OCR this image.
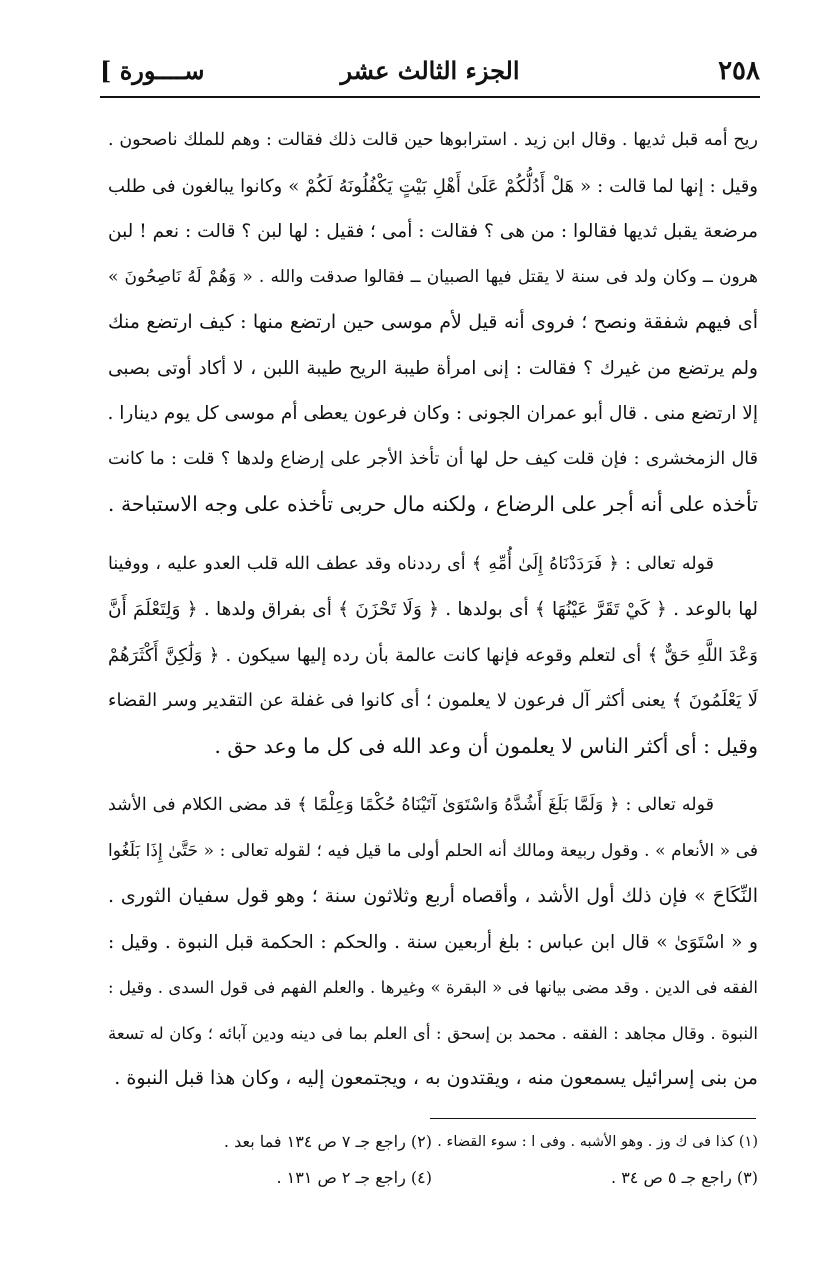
٢٥٨
الجزء الثالث عشر
[ ســــورة
ريح أمه قبل ثديها . وقال ابن زيد . استرابوها حين قالت ذلك فقالت : وهم للملك ناصحون .
وقيل : إنها لما قالت : « هَلْ أَدُلُّكُمْ عَلَىٰ أَهْلِ بَيْتٍ يَكْفُلُونَهُ لَكُمْ » وكانوا يبالغون فى طلب
مرضعة يقبل ثديها فقالوا : من هى ؟ فقالت : أمى ؛ فقيل : لها لبن ؟ قالت : نعم ! لبن
هرون ــ وكان ولد فى سنة لا يقتل فيها الصبيان ــ فقالوا صدقت والله . « وَهُمْ لَهُ نَاصِحُونَ »
أى فيهم شفقة ونصح ؛ فروى أنه قيل لأم موسى حين ارتضع منها : كيف ارتضع منك
ولم يرتضع من غيرك ؟ فقالت : إنى امرأة طيبة الريح طيبة اللبن ، لا أكاد أوتى بصبى
إلا ارتضع منى . قال أبو عمران الجونى : وكان فرعون يعطى أم موسى كل يوم دينارا .
قال الزمخشرى : فإن قلت كيف حل لها أن تأخذ الأجر على إرضاع ولدها ؟ قلت : ما كانت
تأخذه على أنه أجر على الرضاع ، ولكنه مال حربى تأخذه على وجه الاستباحة .
قوله تعالى : ﴿ فَرَدَدْنَاهُ إِلَىٰ أُمِّهِ ﴾ أى رددناه وقد عطف الله قلب العدو عليه ، ووفينا
لها بالوعد . ﴿ كَيْ تَقَرَّ عَيْنُهَا ﴾ أى بولدها . ﴿ وَلَا تَحْزَنَ ﴾ أى بفراق ولدها . ﴿ وَلِتَعْلَمَ أَنَّ
وَعْدَ اللَّهِ حَقٌّ ﴾ أى لتعلم وقوعه فإنها كانت عالمة بأن رده إليها سيكون . ﴿ وَلَٰكِنَّ أَكْثَرَهُمْ
لَا يَعْلَمُونَ ﴾ يعنى أكثر آل فرعون لا يعلمون ؛ أى كانوا فى غفلة عن التقدير وسر القضاء
وقيل : أى أكثر الناس لا يعلمون أن وعد الله فى كل ما وعد حق .
قوله تعالى : ﴿ وَلَمَّا بَلَغَ أَشُدَّهُ وَاسْتَوَىٰ آتَيْنَاهُ حُكْمًا وَعِلْمًا ﴾ قد مضى الكلام فى الأشد
فى « الأنعام » . وقول ربيعة ومالك أنه الحلم أولى ما قيل فيه ؛ لقوله تعالى : « حَتَّىٰ إِذَا بَلَغُوا
النِّكَاحَ » فإن ذلك أول الأشد ، وأقصاه أربع وثلاثون سنة ؛ وهو قول سفيان الثورى .
و « اسْتَوَىٰ » قال ابن عباس : بلغ أربعين سنة . والحكم : الحكمة قبل النبوة . وقيل :
الفقه فى الدين . وقد مضى بيانها فى « البقرة » وغيرها . والعلم الفهم فى قول السدى . وقيل :
النبوة . وقال مجاهد : الفقه . محمد بن إسحق : أى العلم بما فى دينه ودين آبائه ؛ وكان له تسعة
من بنى إسرائيل يسمعون منه ، ويقتدون به ، ويجتمعون إليه ، وكان هذا قبل النبوة .
(١) كذا فى ك وز . وهو الأشبه . وفى ا : سوء القضاء .
(٢) راجع جـ ٧ ص ١٣٤ فما بعد .
(٣) راجع جـ ٥ ص ٣٤ .
(٤) راجع جـ ٢ ص ١٣١ .
